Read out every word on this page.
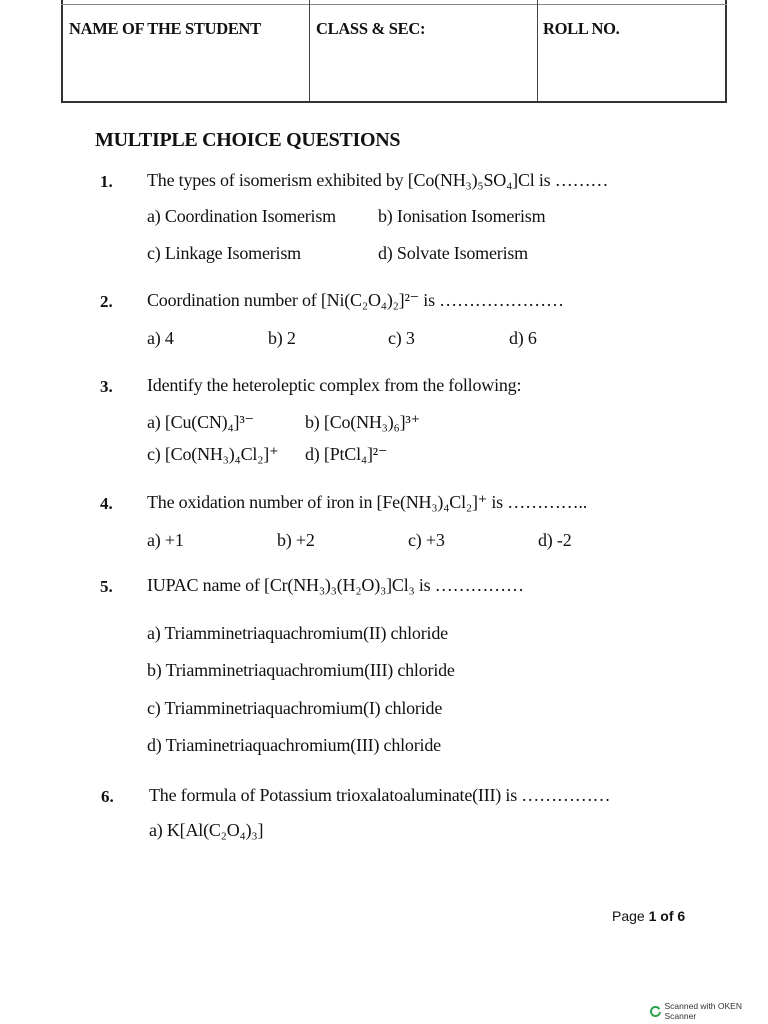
NAME OF THE STUDENT	CLASS & SEC:	ROLL NO.
MULTIPLE CHOICE QUESTIONS
1. The types of isomerism exhibited by [Co(NH₃)₅SO₄]Cl is ………
a) Coordination Isomerism b) Ionisation Isomerism
c) Linkage Isomerism	d) Solvate Isomerism
2. Coordination number of [Ni(C₂O₄)₂]²⁻ is …………………
a) 4	b) 2	c) 3	d) 6
3. Identify the heteroleptic complex from the following:
a) [Cu(CN)₄]³⁻	b) [Co(NH₃)₆]³⁺
c) [Co(NH₃)₄Cl₂]⁺ d) [PtCl₄]²⁻
4. The oxidation number of iron in [Fe(NH₃)₄Cl₂]⁺ is …………..
a) +1	b) +2	c) +3	d) -2
5. IUPAC name of [Cr(NH₃)₃(H₂O)₃]Cl₃ is ……………
a) Triamminetriaquachromium(II) chloride
b) Triamminetriaquachromium(III) chloride
c) Triamminetriaquachromium(I) chloride
d) Triaminetriaquachromium(III) chloride
6. The formula of Potassium trioxalatoaluminate(III) is ……………
a) K[Al(C₂O₄)₃]
Page 1 of 6
Scanned with OKEN Scanner
